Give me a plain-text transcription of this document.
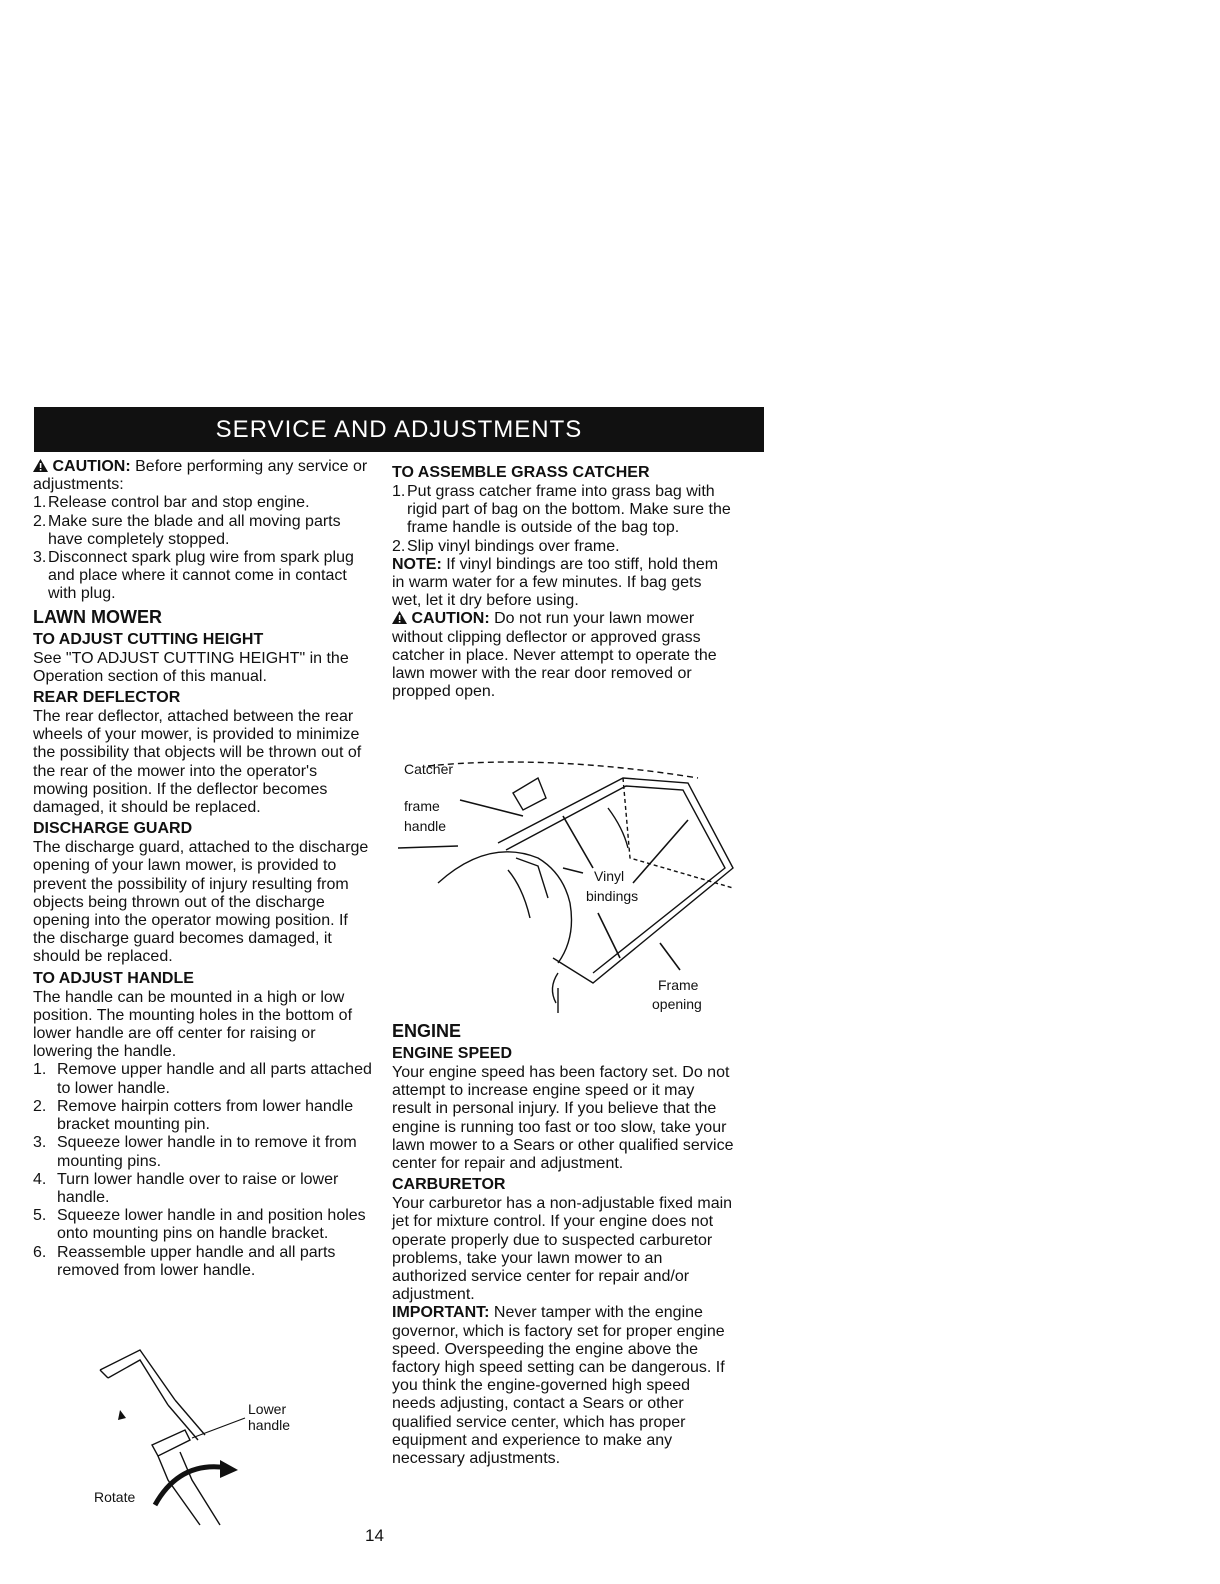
SERVICE AND ADJUSTMENTS

CAUTION: Before performing any service or adjustments:

1. Release control bar and stop engine.
2. Make sure the blade and all moving parts have completely stopped.
3. Disconnect spark plug wire from spark plug and place where it cannot come in contact with plug.
LAWN MOWER
TO ADJUST CUTTING HEIGHT

See "TO ADJUST CUTTING HEIGHT" in the Operation section of this manual.

REAR DEFLECTOR

The rear deflector, attached between the rear wheels of your mower, is provided to minimize the possibility that objects will be thrown out of the rear of the mower into the operator's mowing position. If the deflector becomes damaged, it should be replaced.

DISCHARGE GUARD

The discharge guard, attached to the discharge opening of your lawn mower, is provided to prevent the possibility of injury resulting from objects being thrown out of the discharge opening into the operator mowing position. If the discharge guard becomes damaged, it should be replaced.

TO ADJUST HANDLE

The handle can be mounted in a high or low position. The mounting holes in the bottom of lower handle are off center for raising or lowering the handle.

1. Remove upper handle and all parts attached to lower handle.
2. Remove hairpin cotters from lower handle bracket mounting pin.
3. Squeeze lower handle in to remove it from mounting pins.
4. Turn lower handle over to raise or lower handle.
5. Squeeze lower handle in and position holes onto mounting pins on handle bracket.
6. Reassemble upper handle and all parts removed from lower handle.
Lower
handle
Rotate
TO ASSEMBLE GRASS CATCHER
1. Put grass catcher frame into grass bag with rigid part of bag on the bottom. Make sure the frame handle is outside of the bag top.
2. Slip vinyl bindings over frame.

NOTE: If vinyl bindings are too stiff, hold them in warm water for a few minutes. If bag gets wet, let it dry before using.

CAUTION: Do not run your lawn mower without clipping deflector or approved grass catcher in place. Never attempt to operate the lawn mower with the rear door removed or propped open.

Catcher
frame
handle
Vinyl
bindings
Frame
opening
ENGINE
ENGINE SPEED

Your engine speed has been factory set. Do not attempt to increase engine speed or it may result in personal injury. If you believe that the engine is running too fast or too slow, take your lawn mower to a Sears or other qualified service center for repair and adjustment.

CARBURETOR

Your carburetor has a non-adjustable fixed main jet for mixture control. If your engine does not operate properly due to suspected carburetor problems, take your lawn mower to an authorized service center for repair and/or adjustment.

IMPORTANT: Never tamper with the engine governor, which is factory set for proper engine speed. Overspeeding the engine above the factory high speed setting can be dangerous. If you think the engine-governed high speed needs adjusting, contact a Sears or other qualified service center, which has proper equipment and experience to make any necessary adjustments.

14
